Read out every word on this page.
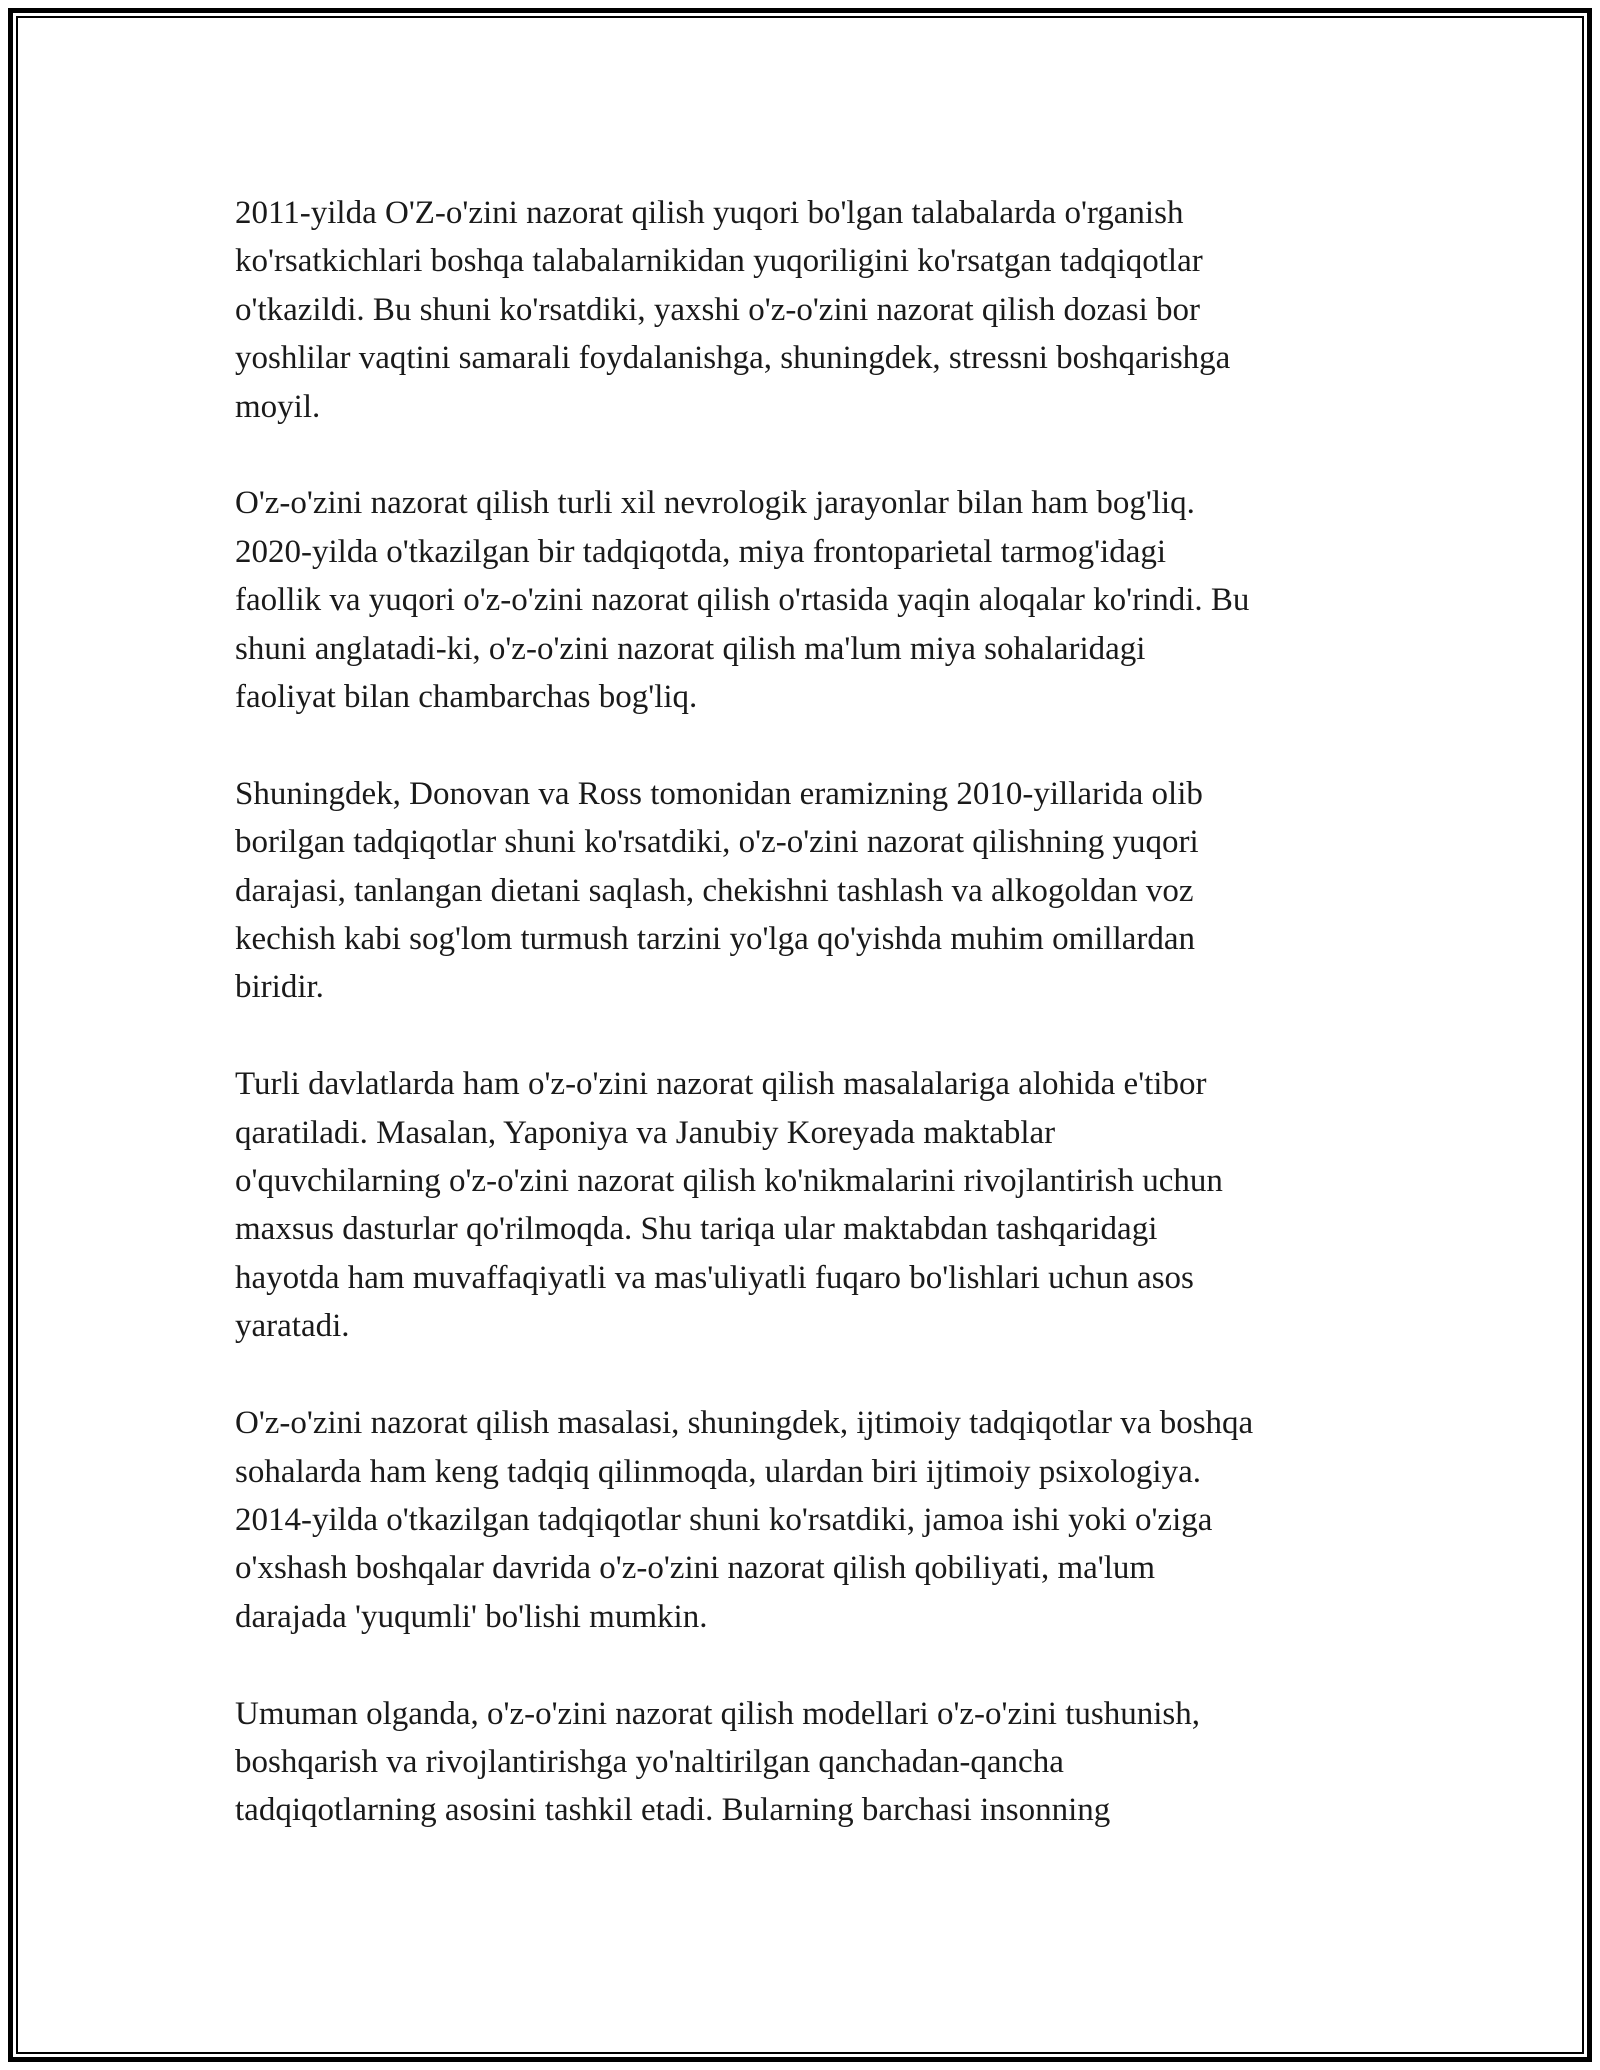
2011-yilda O'Z-o'zini nazorat qilish yuqori bo'lgan talabalarda o'rganish
ko'rsatkichlari boshqa talabalarnikidan yuqoriligini ko'rsatgan tadqiqotlar
o'tkazildi. Bu shuni ko'rsatdiki, yaxshi o'z-o'zini nazorat qilish dozasi bor
yoshlilar vaqtini samarali foydalanishga, shuningdek, stressni boshqarishga
moyil.

O'z-o'zini nazorat qilish turli xil nevrologik jarayonlar bilan ham bog'liq.
2020-yilda o'tkazilgan bir tadqiqotda, miya frontoparietal tarmog'idagi
faollik va yuqori o'z-o'zini nazorat qilish o'rtasida yaqin aloqalar ko'rindi. Bu
shuni anglatadi-ki, o'z-o'zini nazorat qilish ma'lum miya sohalaridagi
faoliyat bilan chambarchas bog'liq.

Shuningdek, Donovan va Ross tomonidan eramizning 2010-yillarida olib
borilgan tadqiqotlar shuni ko'rsatdiki, o'z-o'zini nazorat qilishning yuqori
darajasi, tanlangan dietani saqlash, chekishni tashlash va alkogoldan voz
kechish kabi sog'lom turmush tarzini yo'lga qo'yishda muhim omillardan
biridir.

Turli davlatlarda ham o'z-o'zini nazorat qilish masalalariga alohida e'tibor
qaratiladi. Masalan, Yaponiya va Janubiy Koreyada maktablar
o'quvchilarning o'z-o'zini nazorat qilish ko'nikmalarini rivojlantirish uchun
maxsus dasturlar qo'rilmoqda. Shu tariqa ular maktabdan tashqaridagi
hayotda ham muvaffaqiyatli va mas'uliyatli fuqaro bo'lishlari uchun asos
yaratadi.

O'z-o'zini nazorat qilish masalasi, shuningdek, ijtimoiy tadqiqotlar va boshqa
sohalarda ham keng tadqiq qilinmoqda, ulardan biri ijtimoiy psixologiya.
2014-yilda o'tkazilgan tadqiqotlar shuni ko'rsatdiki, jamoa ishi yoki o'ziga
o'xshash boshqalar davrida o'z-o'zini nazorat qilish qobiliyati, ma'lum
darajada 'yuqumli' bo'lishi mumkin.

Umuman olganda, o'z-o'zini nazorat qilish modellari o'z-o'zini tushunish,
boshqarish va rivojlantirishga yo'naltirilgan qanchadan-qancha
tadqiqotlarning asosini tashkil etadi. Bularning barchasi insonning
